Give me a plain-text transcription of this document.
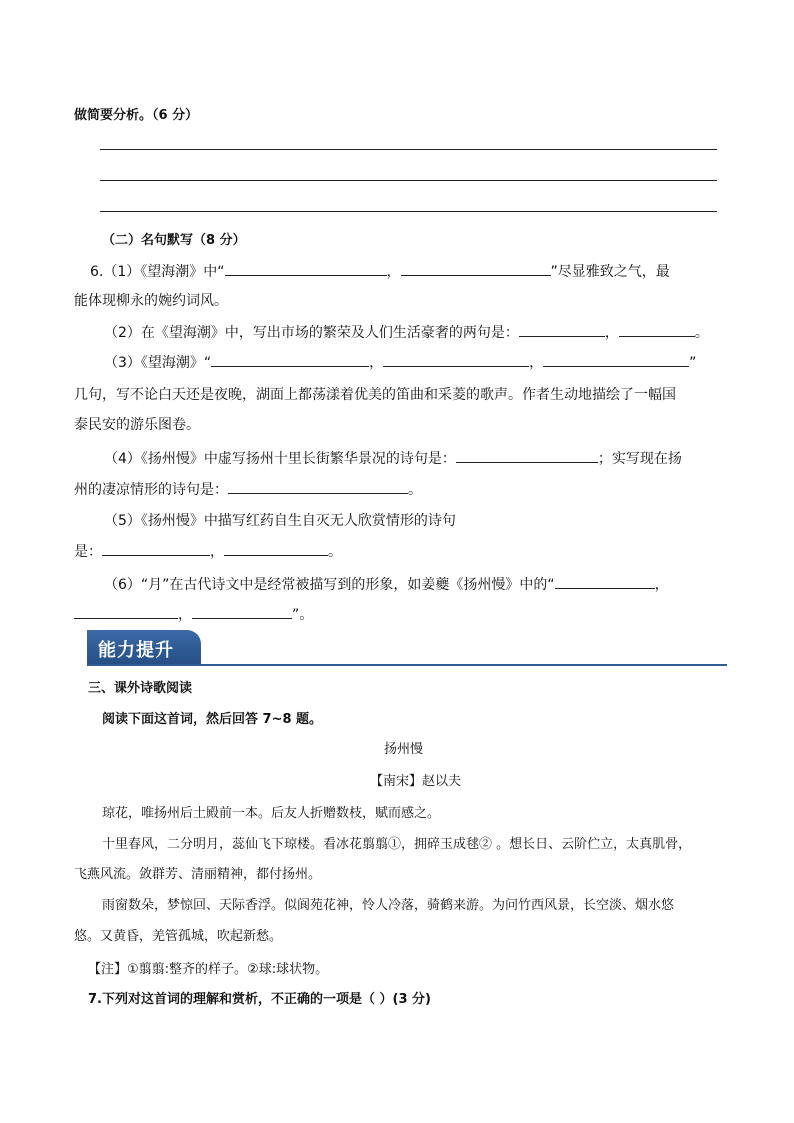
做简要分析。（6 分）
（二）名句默写（8 分）
6.（1）《望海潮》中“	，	”尽显雅致之气，最
能体现柳永的婉约词风。
（2）在《望海潮》中，写出市场的繁荣及人们生活豪奢的两句是：	，	。
（3）《望海潮》“	，	，	”
几句，写不论白天还是夜晚，湖面上都荡漾着优美的笛曲和采菱的歌声。作者生动地描绘了一幅国
泰民安的游乐图卷。
（4）《扬州慢》中虚写扬州十里长街繁华景况的诗句是：	；实写现在扬
州的凄凉情形的诗句是：	。
（5）《扬州慢》中描写红药自生自灭无人欣赏情形的诗句
是：	，	。
（6）“月”在古代诗文中是经常被描写到的形象，如姜夔《扬州慢》中的“	，
，	”。
能力提升
三、课外诗歌阅读
阅读下面这首词，然后回答 7~8 题。
扬州慢
【南宋】赵以夫
琼花，唯扬州后土殿前一本。后友人折赠数枝，赋而感之。
十里春风，二分明月，蕊仙飞下琼楼。看冰花翦翦①，拥碎玉成毬② 。想长日、云阶伫立，太真肌骨，
飞燕风流。敛群芳、清丽精神，都付扬州。
雨窗数朵，梦惊回、天际香浮。似阆苑花神，怜人冷落，骑鹤来游。为问竹西风景，长空淡、烟水悠
悠。又黄昏，羌管孤城，吹起新愁。
【注】①翦翦:整齐的样子。②球:球状物。
7.下列对这首词的理解和赏析，不正确的一项是（ ）(3 分)
